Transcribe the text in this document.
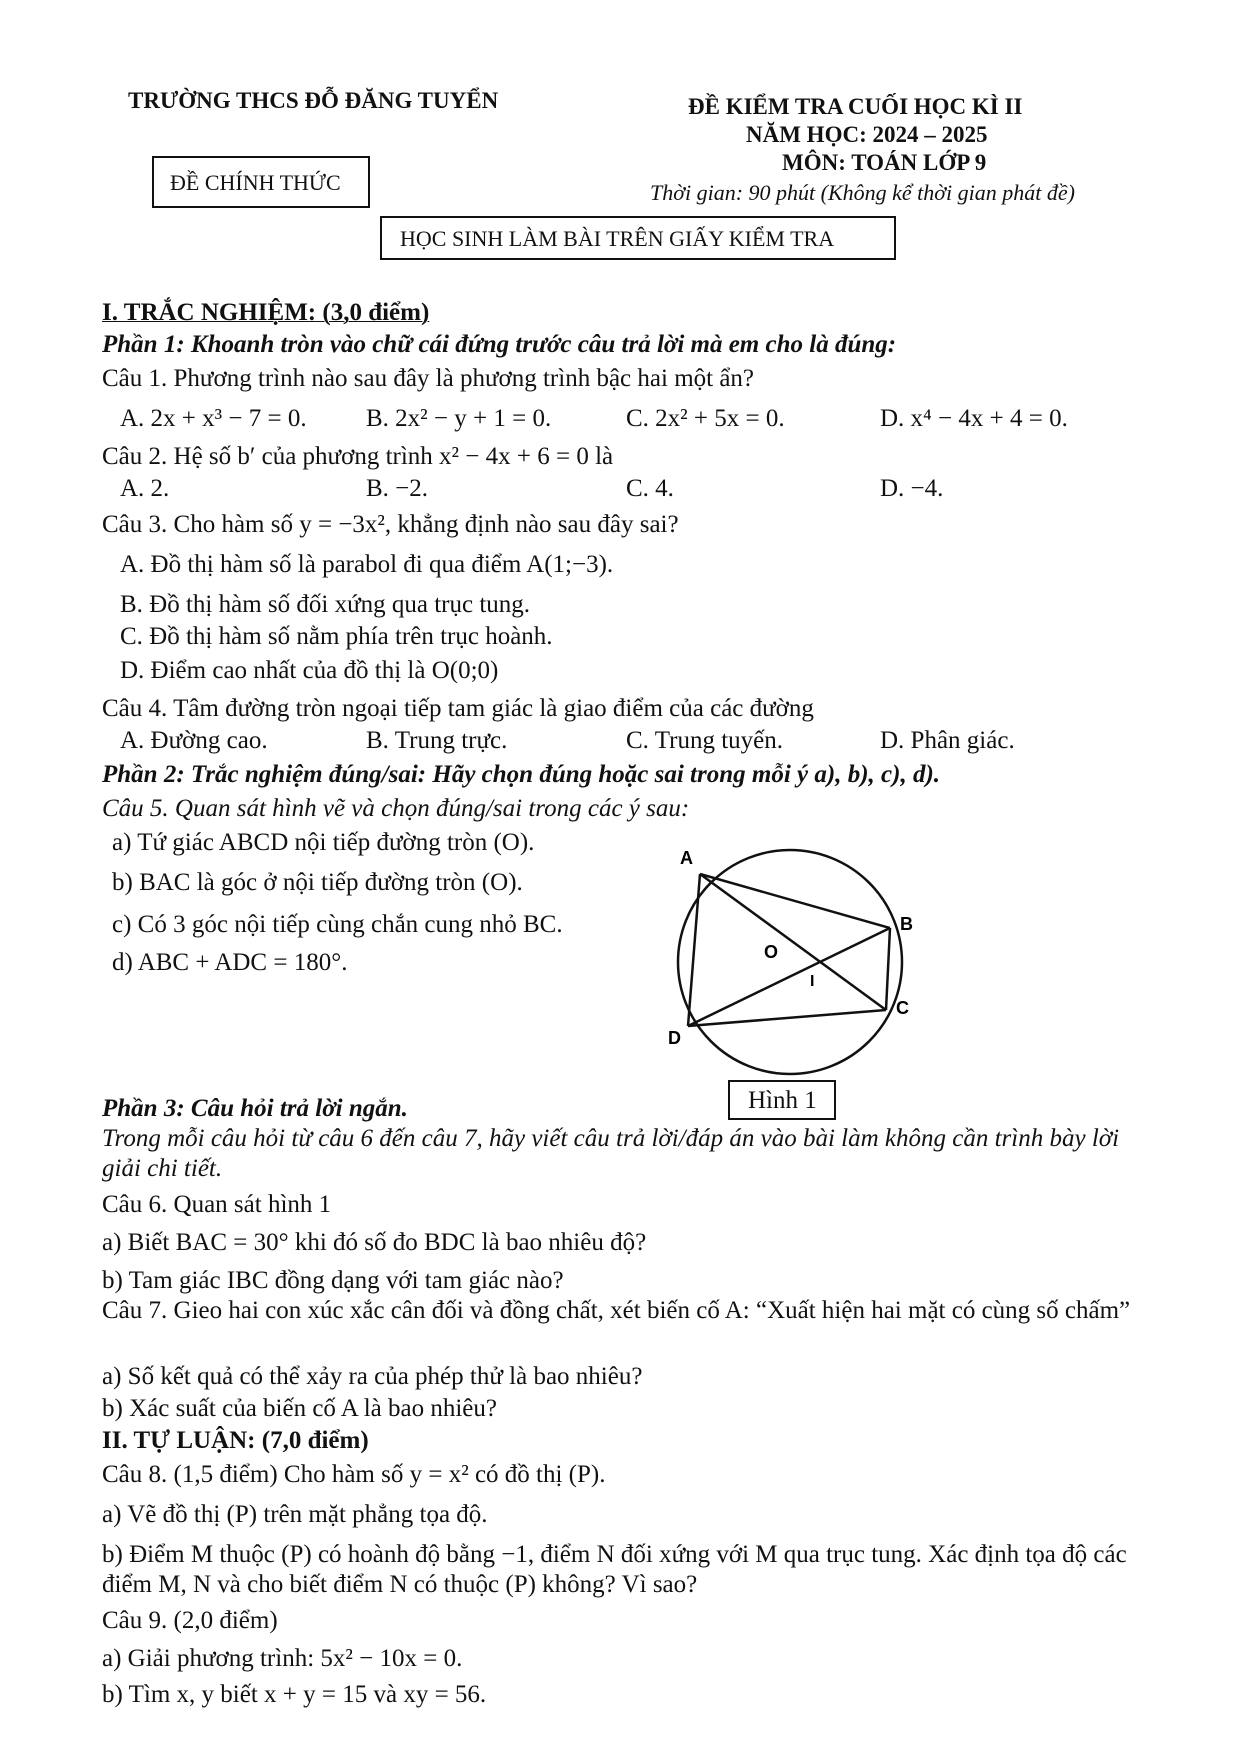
TRƯỜNG THCS ĐỖ ĐĂNG TUYỂN	ĐỀ KIỂM TRA CUỐI HỌC KÌ II
NĂM HỌC: 2024 – 2025
MÔN: TOÁN LỚP 9
Thời gian: 90 phút (Không kể thời gian phát đề)
ĐỀ CHÍNH THỨC
HỌC SINH LÀM BÀI TRÊN GIẤY KIỂM TRA
I. TRẮC NGHIỆM: (3,0 điểm)
Phần 1: Khoanh tròn vào chữ cái đứng trước câu trả lời mà em cho là đúng:
Câu 1. Phương trình nào sau đây là phương trình bậc hai một ẩn?
A. 2x + x³ − 7 = 0. B. 2x² − y + 1 = 0.	C. 2x² + 5x = 0.	D. x⁴ − 4x + 4 = 0.
Câu 2. Hệ số b′ của phương trình x² − 4x + 6 = 0 là
A. 2.	B. −2.	C. 4.	D. −4.
Câu 3. Cho hàm số y = −3x², khẳng định nào sau đây sai?
A. Đồ thị hàm số là parabol đi qua điểm A(1;−3).
B. Đồ thị hàm số đối xứng qua trục tung.
C. Đồ thị hàm số nằm phía trên trục hoành.
D. Điểm cao nhất của đồ thị là O(0;0)
Câu 4. Tâm đường tròn ngoại tiếp tam giác là giao điểm của các đường
A. Đường cao.	B. Trung trực.	C. Trung tuyến.	D. Phân giác.
Phần 2: Trắc nghiệm đúng/sai: Hãy chọn đúng hoặc sai trong mỗi ý a), b), c), d).
Câu 5. Quan sát hình vẽ và chọn đúng/sai trong các ý sau:
a) Tứ giác ABCD nội tiếp đường tròn (O).
b) BAC là góc ở nội tiếp đường tròn (O).
c) Có 3 góc nội tiếp cùng chắn cung nhỏ BC.
d) ABC + ADC = 180°.
A
B
C
D
O
I
Hình 1
Phần 3: Câu hỏi trả lời ngắn.
Trong mỗi câu hỏi từ câu 6 đến câu 7, hãy viết câu trả lời/đáp án vào bài làm không cần trình bày lời giải chi tiết.
Câu 6. Quan sát hình 1
a) Biết BAC = 30° khi đó số đo BDC là bao nhiêu độ?
b) Tam giác IBC đồng dạng với tam giác nào?
Câu 7. Gieo hai con xúc xắc cân đối và đồng chất, xét biến cố A: “Xuất hiện hai mặt có cùng số chấm”
a) Số kết quả có thể xảy ra của phép thử là bao nhiêu?
b) Xác suất của biến cố A là bao nhiêu?
II. TỰ LUẬN: (7,0 điểm)
Câu 8. (1,5 điểm) Cho hàm số y = x² có đồ thị (P).
a) Vẽ đồ thị (P) trên mặt phẳng tọa độ.
b) Điểm M thuộc (P) có hoành độ bằng −1, điểm N đối xứng với M qua trục tung. Xác định tọa độ các điểm M, N và cho biết điểm N có thuộc (P) không? Vì sao?
Câu 9. (2,0 điểm)
a) Giải phương trình: 5x² − 10x = 0.
b) Tìm x, y biết x + y = 15 và xy = 56.
